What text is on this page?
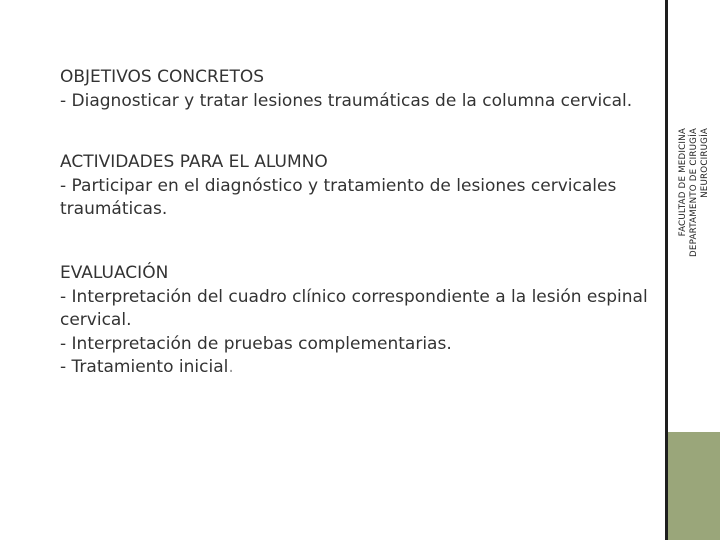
OBJETIVOS CONCRETOS

- Diagnosticar y tratar lesiones traumáticas de la columna cervical.

ACTIVIDADES PARA EL ALUMNO

- Participar en el diagnóstico y tratamiento de lesiones cervicales traumáticas.

EVALUACIÓN

- Interpretación del cuadro clínico correspondiente a la lesión espinal cervical.

- Interpretación de pruebas complementarias.

- Tratamiento inicial.

FACULTAD DE MEDICINA DEPARTAMENTO DE CIRUGÍA NEUROCIRUGÍA
